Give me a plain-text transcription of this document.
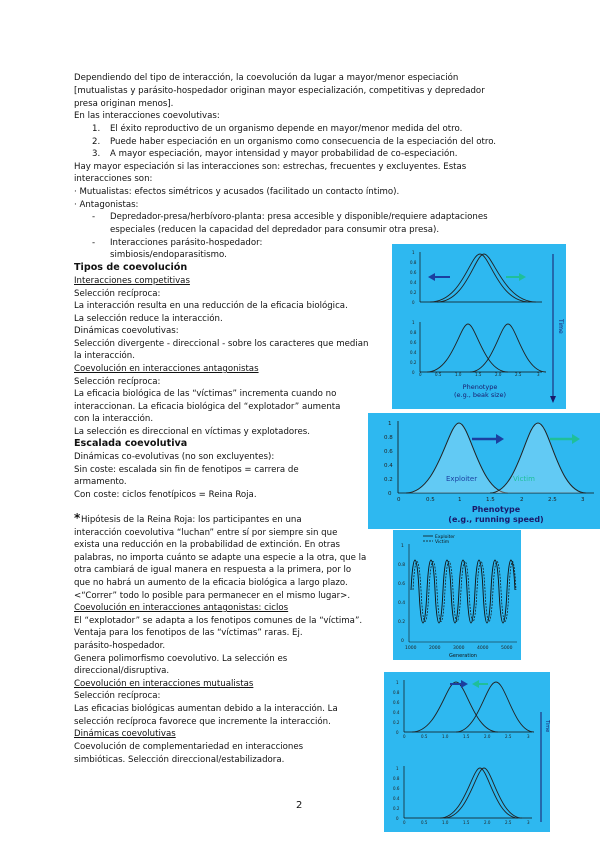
Dependiendo del tipo de interacción, la coevolución da lugar a mayor/menor especiación
[mutualistas y parásito-hospedador originan mayor especialización, competitivas y depredador
presa originan menos].
En las interacciones coevolutivas:
1. El éxito reproductivo de un organismo depende en mayor/menor medida del otro.
2. Puede haber especiación en un organismo como consecuencia de la especiación del otro.
3. A mayor especiación, mayor intensidad y mayor probabilidad de co-especiación.
Hay mayor especiación si las interacciones son: estrechas, frecuentes y excluyentes. Estas
interacciones son:
· Mutualistas: efectos simétricos y acusados (facilitado un contacto íntimo).
· Antagonistas:
- Depredador-presa/herbívoro-planta: presa accesible y disponible/requiere adaptaciones
especiales (reducen la capacidad del depredador para consumir otra presa).
- Interacciones parásito-hospedador:
simbiosis/endoparasitismo.
Tipos de coevolución
Interacciones competitivas
Selección recíproca:
La interacción resulta en una reducción de la eficacia biológica.
La selección reduce la interacción.
Dinámicas coevolutivas:
Selección divergente - direccional - sobre los caracteres que median
la interacción.
Coevolución en interacciones antagonistas
Selección recíproca:
La eficacia biológica de las “víctimas” incrementa cuando no
interaccionan. La eficacia biológica del “explotador” aumenta
con la interacción.
La selección es direccional en víctimas y explotadores.
Escalada coevolutiva
Dinámicas co-evolutivas (no son excluyentes):
Sin coste: escalada sin fin de fenotipos = carrera de
armamento.
Con coste: ciclos fenotípicos = Reina Roja.
* Hipótesis de la Reina Roja: los participantes en una
interacción coevolutiva “luchan” entre sí por siempre sin que
exista una reducción en la probabilidad de extinción. En otras
palabras, no importa cuánto se adapte una especie a la otra, que la
otra cambiará de igual manera en respuesta a la primera, por lo
que no habrá un aumento de la eficacia biológica a largo plazo.
<“Correr” todo lo posible para permanecer en el mismo lugar>.
Coevolución en interacciones antagonistas: ciclos
El “explotador” se adapta a los fenotipos comunes de la “víctima”.
Ventaja para los fenotipos de las “víctimas” raras. Ej.
parásito-hospedador.
Genera polimorfismo coevolutivo. La selección es
direccional/disruptiva.
Coevolución en interacciones mutualistas
Selección recíproca:
Las eficacias biológicas aumentan debido a la interacción. La
selección recíproca favorece que incremente la interacción.
Dinámicas coevolutivas
Coevolución de complementariedad en interacciones
simbióticas. Selección direccional/estabilizadora.
2
0	0.5	1.0	1.5	2.0	2.5	3
0
0.2
0.4
0.6
0.8
1
0
0.2
0.4
0.6
0.8
1
Phenotype
(e.g., beak size)
Time
Exploiter	Victim
0	0.5	1	1.5	2	2.5	3
0
0.2
0.4
0.6
0.8
1
Phenotype
(e.g., running speed)
Exploiter
Victim
0
0.2
0.4
0.6
0.8
1
1000	2000	3000	4000	5000
Generation
0	0.5	1.0	1.5	2.0	2.5	3
0	0.5	1.0	1.5	2.0	2.5	3
0
0.2
0.4
0.6
0.8
1
0
0.2
0.4
0.6
0.8
1
Time
